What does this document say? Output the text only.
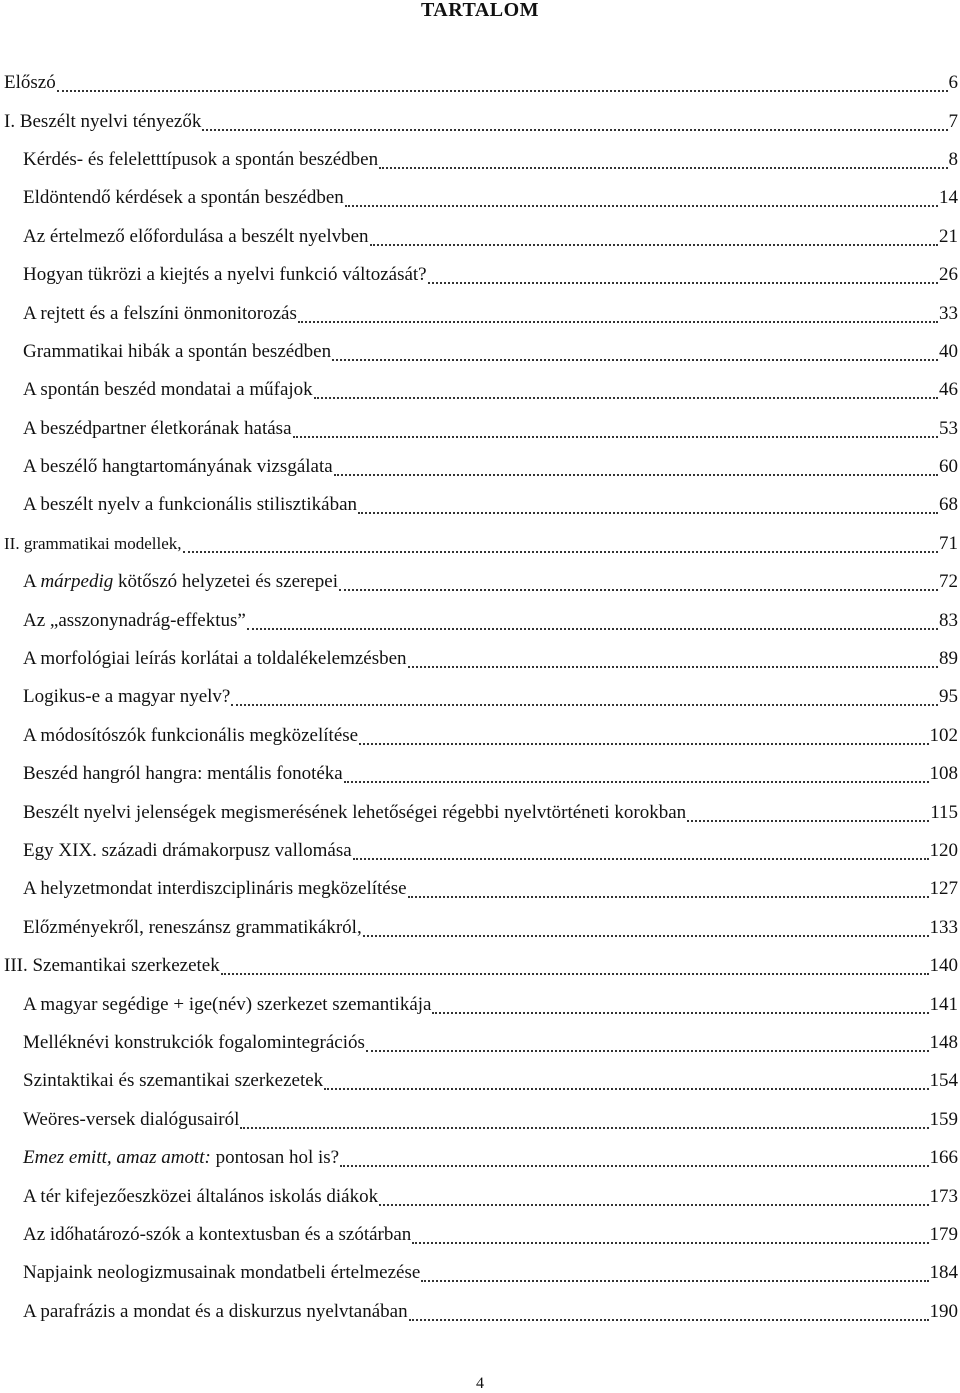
TARTALOM
Előszó	6
I. Beszélt nyelvi tényezők	7
Kérdés- és feleletttípusok a spontán beszédben	8
Eldöntendő kérdések a spontán beszédben	14
Az értelmező előfordulása a beszélt nyelvben	21
Hogyan tükrözi a kiejtés a nyelvi funkció változását?	26
A rejtett és a felszíni önmonitorozás	33
Grammatikai hibák a spontán beszédben	40
A spontán beszéd mondatai a műfajok	46
A beszédpartner életkorának hatása	53
A beszélő hangtartományának vizsgálata	60
A beszélt nyelv a funkcionális stilisztikában	68
II. grammatikai modellek,	71
A márpedig kötőszó helyzetei és szerepei	72
Az „asszonynadrág-effektus”	83
A morfológiai leírás korlátai a toldalékelemzésben	89
Logikus-e a magyar nyelv?	95
A módosítószók funkcionális megközelítése	102
Beszéd hangról hangra: mentális fonotéka	108
Beszélt nyelvi jelenségek megismerésének lehetőségei régebbi nyelvtörténeti korokban	115
Egy XIX. századi drámakorpusz vallomása	120
A helyzetmondat interdiszciplináris megközelítése	127
Előzményekről, reneszánsz grammatikákról,	133
III. Szemantikai szerkezetek	140
A magyar segédige + ige(név) szerkezet szemantikája	141
Melléknévi konstrukciók fogalomintegrációs	148
Szintaktikai és szemantikai szerkezetek	154
Weöres-versek dialógusairól	159
Emez emitt, amaz amott: pontosan hol is?	166
A tér kifejezőeszközei általános iskolás diákok	173
Az időhatározó-szók a kontextusban és a szótárban	179
Napjaink neologizmusainak mondatbeli értelmezése	184
A parafrázis a mondat és a diskurzus nyelvtanában	190
4
